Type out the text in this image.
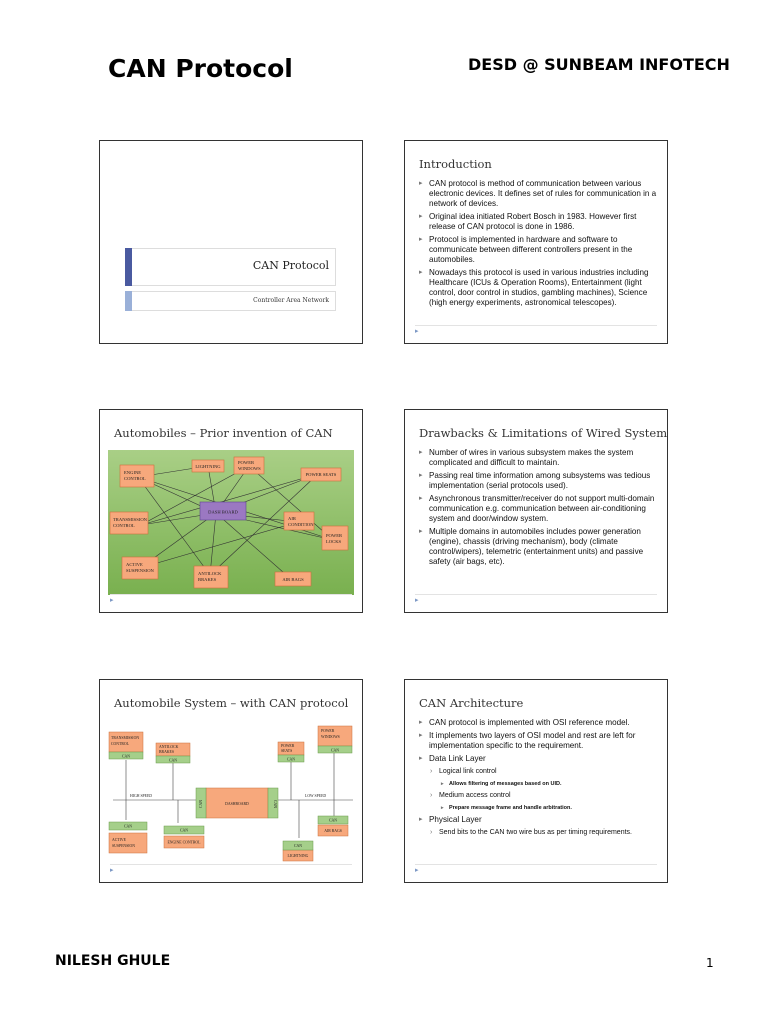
CAN Protocol	DESD @ SUNBEAM INFOTECH
NILESH GHULE	1
CAN Protocol
Controller Area Network
Introduction
▸ CAN protocol is method of communication between various electronic devices. It defines set of rules for communication in a network of devices.
▸ Original idea initiated Robert Bosch in 1983. However first release of CAN protocol is done in 1986.
▸ Protocol is implemented in hardware and software to communicate between different controllers present in the automobiles.
▸ Nowadays this protocol is used in various industries including Healthcare (ICUs & Operation Rooms), Entertainment (light control, door control in studios, gambling machines), Science (high energy experiments, astronomical telescopes).
▸
Automobiles – Prior invention of CAN
DASH BOARD
ENGINE
CONTROL
LIGHTNING
POWER
WINDOWS
POWER SEATS
TRANSMISSION
CONTROL
AIR
CONDITION
POWER
LOCKS
ACTIVE
SUSPENSION
ANTILOCK
BRAKES	AIR BAGS
▸
Drawbacks & Limitations of Wired System
▸ Number of wires in various subsystem makes the system complicated and difficult to maintain.
▸ Passing real time information among subsystems was tedious implementation (serial protocols used).
▸ Asynchronous transmitter/receiver do not support multi-domain communication e.g. communication between air-conditioning system and door/window system.
▸ Multiple domains in automobiles includes power generation (engine), chassis (driving mechanism), body (climate control/wipers), telemetric (entertainment units) and passive safety (air bags, etc).
▸
Automobile System – with CAN protocol
DASHBOARD
CAN
CAN	CAN
CAN
CAN
CAN
CAN
CAN
CAN	CAN
HIGH SPEED	LOW SPEED
TRANSMISSION
CONTROL
ANTILOCK
BRAKES
POWER
SEATS
POWER
WINDOWS
ACTIVE
SUSPENSION
ENGINE CONTROL
LIGHTNING
AIR BAGS
▸
CAN Architecture
▸ CAN protocol is implemented with OSI reference model.
▸ It implements two layers of OSI model and rest are left for implementation specific to the requirement.
▸ Data Link Layer
› Logical link control
▸ Allows filtering of messages based on UID.
› Medium access control
▸ Prepare message frame and handle arbitration.
▸ Physical Layer
› Send bits to the CAN two wire bus as per timing requirements.
▸
